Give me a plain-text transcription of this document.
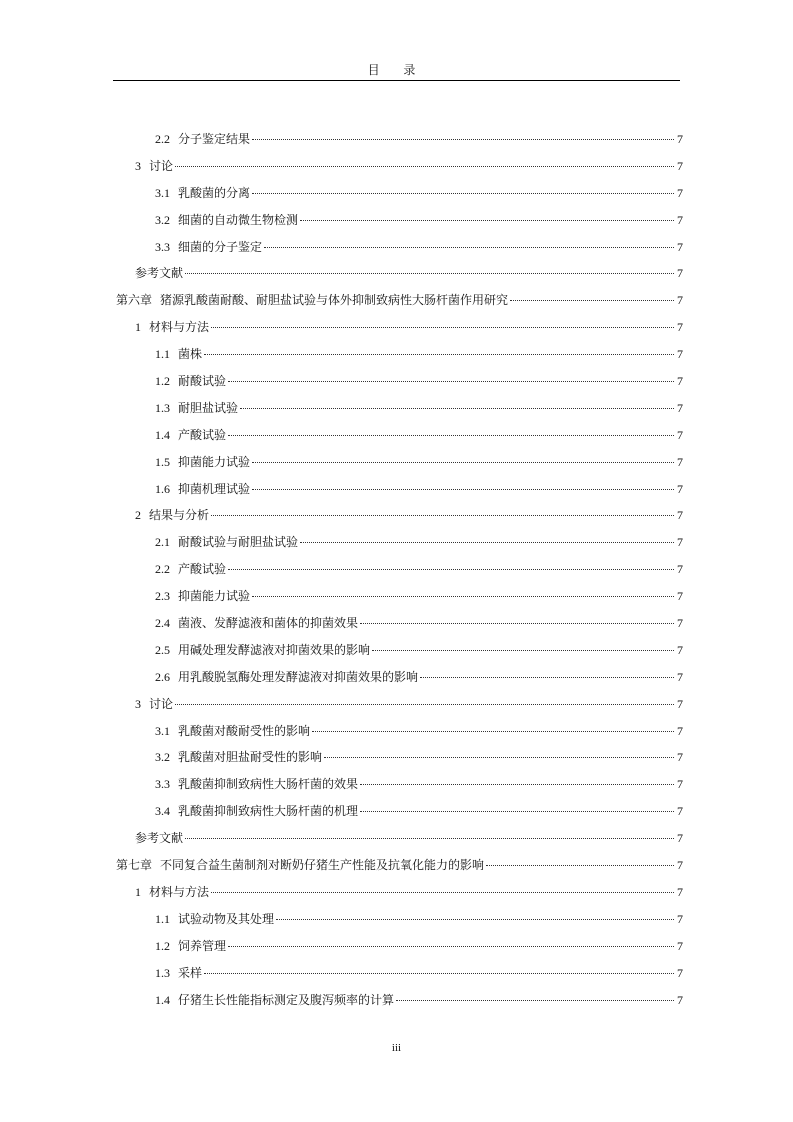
目 录
2.2 分子鉴定结果	7
3 讨论	7
3.1 乳酸菌的分离	7
3.2 细菌的自动微生物检测	7
3.3 细菌的分子鉴定	7
参考文献	7
第六章 猪源乳酸菌耐酸、耐胆盐试验与体外抑制致病性大肠杆菌作用研究	7
1 材料与方法	7
1.1 菌株	7
1.2 耐酸试验	7
1.3 耐胆盐试验	7
1.4 产酸试验	7
1.5 抑菌能力试验	7
1.6 抑菌机理试验	7
2 结果与分析	7
2.1 耐酸试验与耐胆盐试验	7
2.2 产酸试验	7
2.3 抑菌能力试验	7
2.4 菌液、发酵滤液和菌体的抑菌效果	7
2.5 用碱处理发酵滤液对抑菌效果的影响	7
2.6 用乳酸脱氢酶处理发酵滤液对抑菌效果的影响	7
3 讨论	7
3.1 乳酸菌对酸耐受性的影响	7
3.2 乳酸菌对胆盐耐受性的影响	7
3.3 乳酸菌抑制致病性大肠杆菌的效果	7
3.4 乳酸菌抑制致病性大肠杆菌的机理	7
参考文献	7
第七章 不同复合益生菌制剂对断奶仔猪生产性能及抗氧化能力的影响	7
1 材料与方法	7
1.1 试验动物及其处理	7
1.2 饲养管理	7
1.3 采样	7
1.4 仔猪生长性能指标测定及腹泻频率的计算	7
iii
